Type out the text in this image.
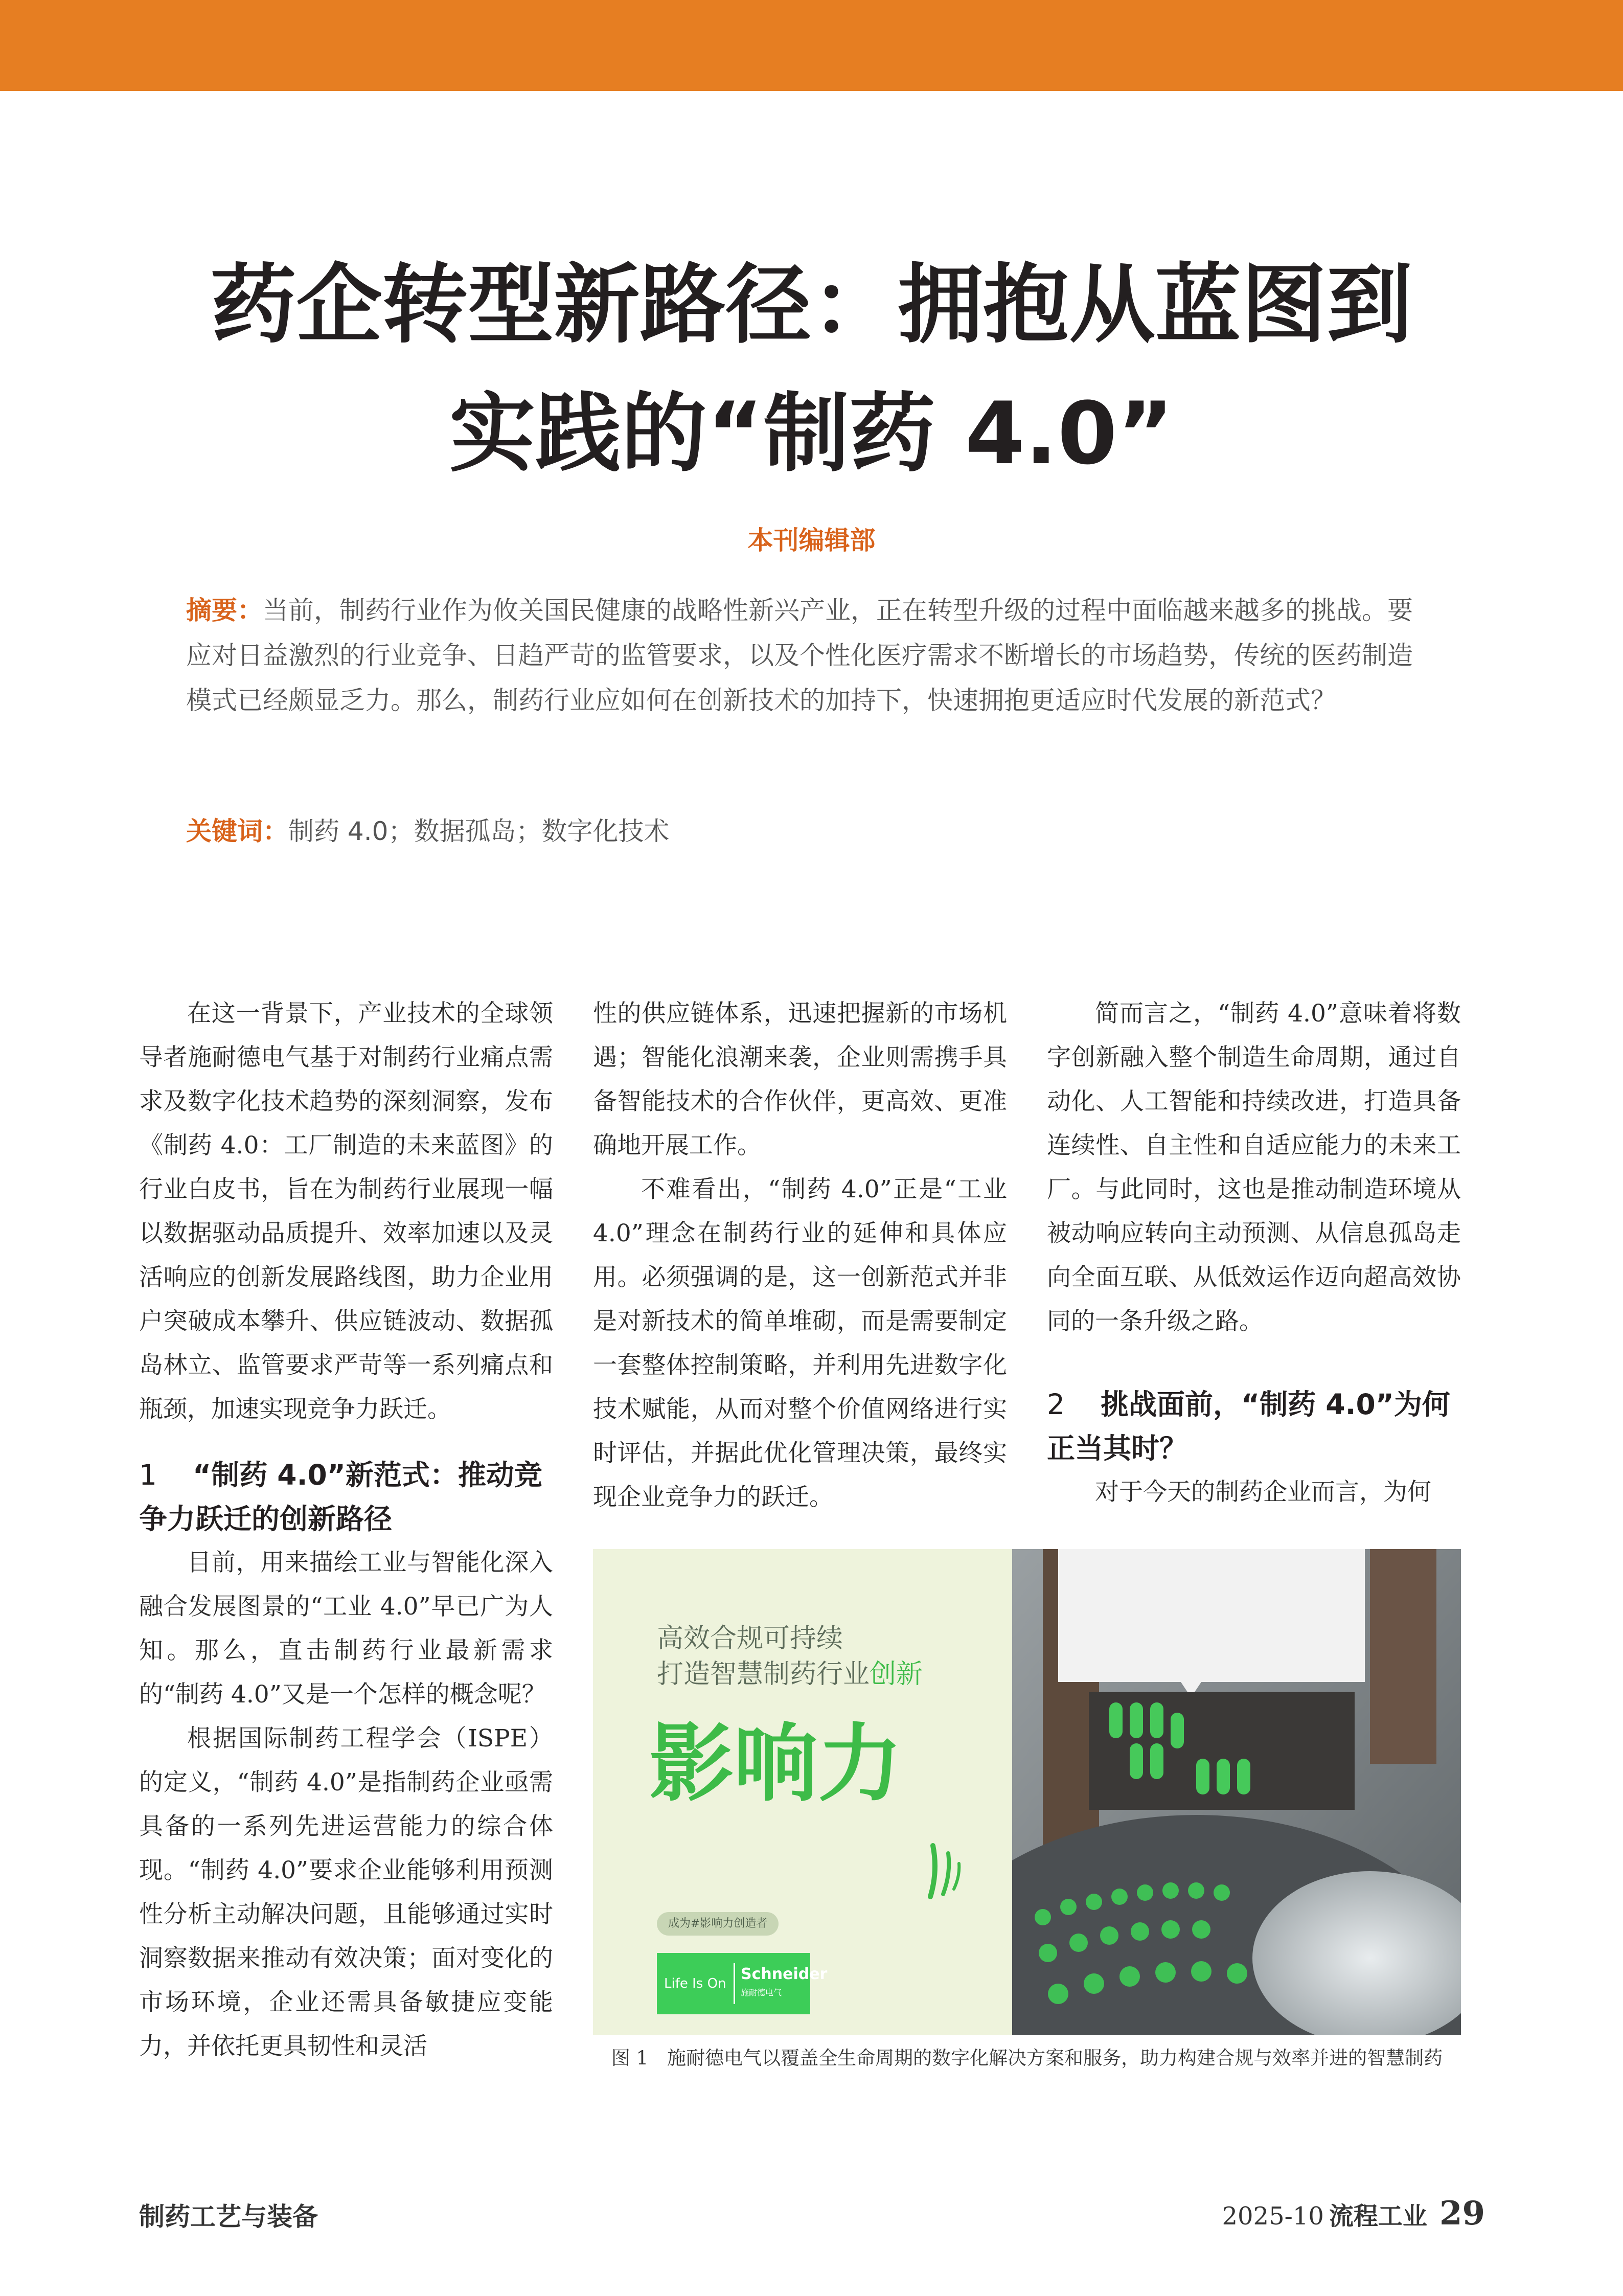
药企转型新路径：拥抱从蓝图到
实践的“制药 4.0”
本刊编辑部

摘要：当前，制药行业作为攸关国民健康的战略性新兴产业，正在转型升级的过程中面临越来越多的挑战。要应对日益激烈的行业竞争、日趋严苛的监管要求，以及个性化医疗需求不断增长的市场趋势，传统的医药制造模式已经颇显乏力。那么，制药行业应如何在创新技术的加持下，快速拥抱更适应时代发展的新范式？

关键词：制药 4.0；数据孤岛；数字化技术

在这一背景下，产业技术的全球领导者施耐德电气基于对制药行业痛点需求及数字化技术趋势的深刻洞察，发布《制药 4.0：工厂制造的未来蓝图》的行业白皮书，旨在为制药行业展现一幅以数据驱动品质提升、效率加速以及灵活响应的创新发展路线图，助力企业用户突破成本攀升、供应链波动、数据孤岛林立、监管要求严苛等一系列痛点和瓶颈，加速实现竞争力跃迁。

1 “制药 4.0”新范式：推动竞争力跃迁的创新路径

目前，用来描绘工业与智能化深入融合发展图景的“工业 4.0”早已广为人知。那么，直击制药行业最新需求的“制药 4.0”又是一个怎样的概念呢？

根据国际制药工程学会（ISPE）的定义，“制药 4.0”是指制药企业亟需具备的一系列先进运营能力的综合体现。“制药 4.0”要求企业能够利用预测性分析主动解决问题，且能够通过实时洞察数据来推动有效决策；面对变化的市场环境，企业还需具备敏捷应变能力，并依托更具韧性和灵活

性的供应链体系，迅速把握新的市场机遇；智能化浪潮来袭，企业则需携手具备智能技术的合作伙伴，更高效、更准确地开展工作。

不难看出，“制药 4.0”正是“工业 4.0”理念在制药行业的延伸和具体应用。必须强调的是，这一创新范式并非是对新技术的简单堆砌，而是需要制定一套整体控制策略，并利用先进数字化技术赋能，从而对整个价值网络进行实时评估，并据此优化管理决策，最终实现企业竞争力的跃迁。

简而言之，“制药 4.0”意味着将数字创新融入整个制造生命周期，通过自动化、人工智能和持续改进，打造具备连续性、自主性和自适应能力的未来工厂。与此同时，这也是推动制造环境从被动响应转向主动预测、从信息孤岛走向全面互联、从低效运作迈向超高效协同的一条升级之路。

2 挑战面前，“制药 4.0”为何正当其时？

对于今天的制药企业而言，为何

高效合规可持续
打造智慧制药行业创新
影响力
成为#影响力创造者
Life Is On
Schneider
施耐德电气
图 1　施耐德电气以覆盖全生命周期的数字化解决方案和服务，助力构建合规与效率并进的智慧制药
制药工艺与装备	2025-10 流程工业 29
